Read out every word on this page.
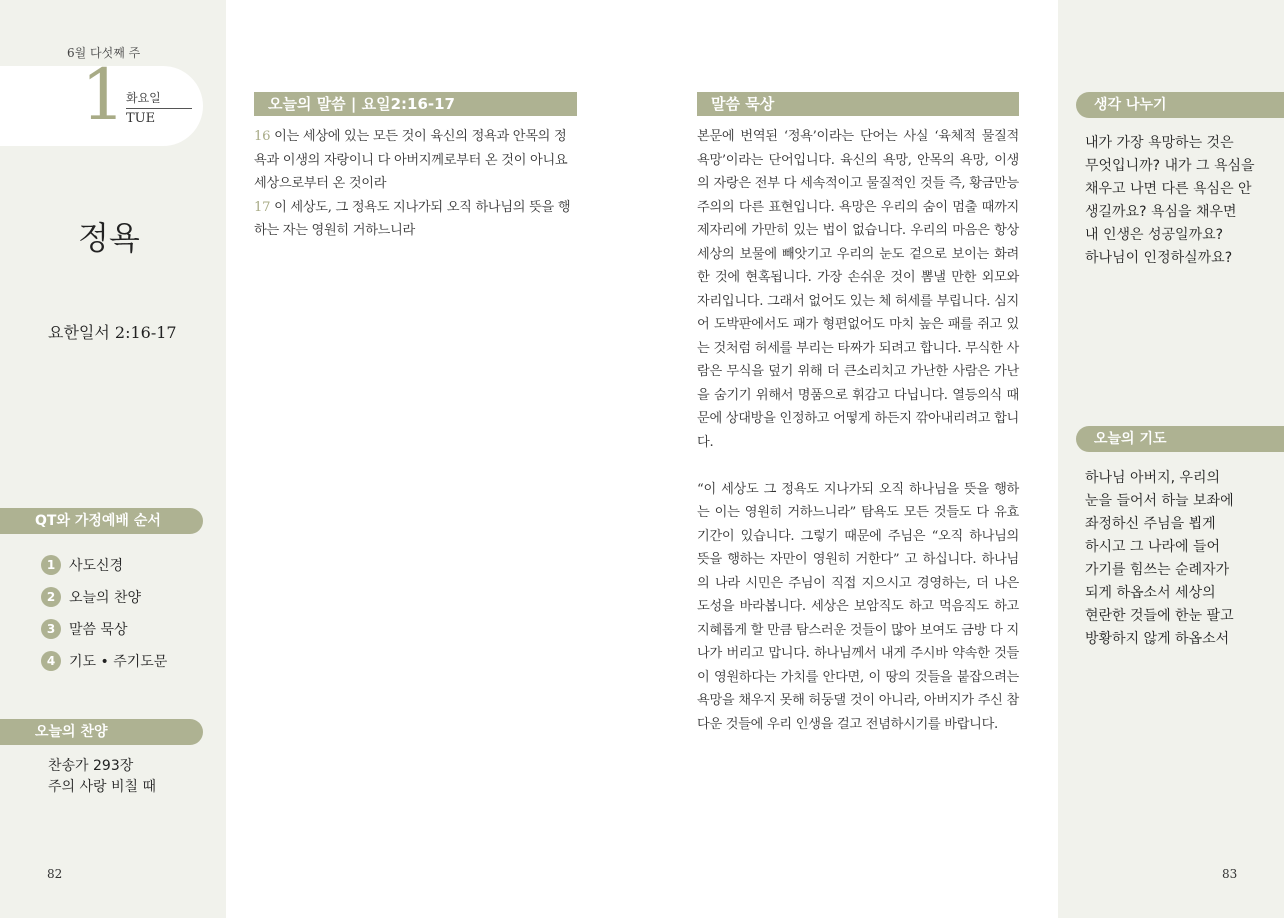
6월 다섯째 주
1 화요일
TUE
정욕
요한일서 2:16-17
QT와 가정예배 순서
1 사도신경
2 오늘의 찬양
3 말씀 묵상
4 기도 • 주기도문
오늘의 찬양
찬송가 293장
주의 사랑 비칠 때
82
오늘의 말씀 | 요일2:16-17
16 이는 세상에 있는 모든 것이 육신의 정욕과 안목의 정욕과 이생의 자랑이니 다 아버지께로부터 온 것이 아니요 세상으로부터 온 것이라
17 이 세상도, 그 정욕도 지나가되 오직 하나님의 뜻을 행하는 자는 영원히 거하느니라
말씀 묵상
본문에 번역된 ‘정욕’이라는 단어는 사실 ‘육체적 물질적 욕망’이라는 단어입니다. 육신의 욕망, 안목의 욕망, 이생의 자랑은 전부 다 세속적이고 물질적인 것들 즉, 황금만능주의의 다른 표현입니다. 욕망은 우리의 숨이 멈출 때까지 제자리에 가만히 있는 법이 없습니다. 우리의 마음은 항상 세상의 보물에 빼앗기고 우리의 눈도 겉으로 보이는 화려한 것에 현혹됩니다. 가장 손쉬운 것이 뽐낼 만한 외모와 자리입니다. 그래서 없어도 있는 체 허세를 부립니다. 심지어 도박판에서도 패가 형편없어도 마치 높은 패를 쥐고 있는 것처럼 허세를 부리는 타짜가 되려고 합니다. 무식한 사람은 무식을 덮기 위해 더 큰소리치고 가난한 사람은 가난을 숨기기 위해서 명품으로 휘감고 다닙니다. 열등의식 때문에 상대방을 인정하고 어떻게 하든지 깎아내리려고 합니다.
“이 세상도 그 정욕도 지나가되 오직 하나님을 뜻을 행하는 이는 영원히 거하느니라” 탐욕도 모든 것들도 다 유효기간이 있습니다. 그렇기 때문에 주님은 “오직 하나님의 뜻을 행하는 자만이 영원히 거한다” 고 하십니다. 하나님의 나라 시민은 주님이 직접 지으시고 경영하는, 더 나은 도성을 바라봅니다. 세상은 보암직도 하고 먹음직도 하고 지혜롭게 할 만큼 탐스러운 것들이 많아 보여도 금방 다 지나가 버리고 맙니다. 하나님께서 내게 주시바 약속한 것들이 영원하다는 가치를 안다면, 이 땅의 것들을 붙잡으려는 욕망을 채우지 못해 허둥댈 것이 아니라, 아버지가 주신 참다운 것들에 우리 인생을 걸고 전념하시기를 바랍니다.
생각 나누기
내가 가장 욕망하는 것은
무엇입니까? 내가 그 욕심을
채우고 나면 다른 욕심은 안
생길까요? 욕심을 채우면
내 인생은 성공일까요?
하나님이 인정하실까요?
오늘의 기도
하나님 아버지, 우리의
눈을 들어서 하늘 보좌에
좌정하신 주님을 뵙게
하시고 그 나라에 들어
가기를 힘쓰는 순례자가
되게 하옵소서 세상의
현란한 것들에 한눈 팔고
방황하지 않게 하옵소서
83
